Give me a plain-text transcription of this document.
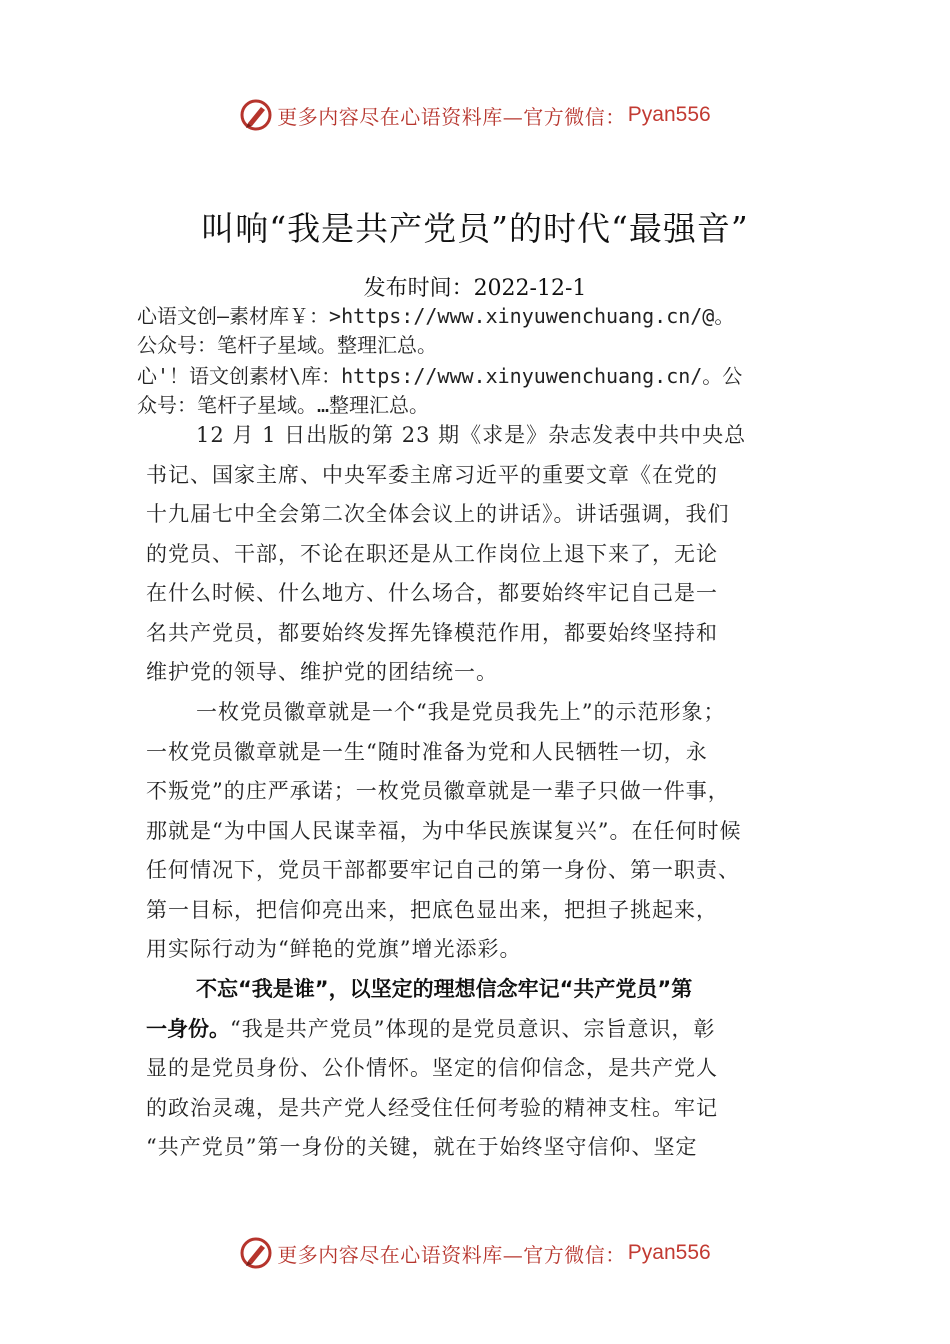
更多内容尽在心语资料库—官方微信： Pyan556
叫响“我是共产党员”的时代“最强音”
发布时间：2022-12-1
心语文创—素材库￥：>https://www.xinyuwenchuang.cn/@。
公众号：笔杆子星域。整理汇总。
心'！语文创素材\库：https://www.xinyuwenchuang.cn/。公
众号：笔杆子星域。…整理汇总。
12 月 1 日出版的第 23 期《求是》杂志发表中共中央总
书记、国家主席、中央军委主席习近平的重要文章《在党的
十九届七中全会第二次全体会议上的讲话》。讲话强调，我们
的党员、干部，不论在职还是从工作岗位上退下来了，无论
在什么时候、什么地方、什么场合，都要始终牢记自己是一
名共产党员，都要始终发挥先锋模范作用，都要始终坚持和
维护党的领导、维护党的团结统一。
一枚党员徽章就是一个“我是党员我先上”的示范形象；
一枚党员徽章就是一生“随时准备为党和人民牺牲一切，永
不叛党”的庄严承诺；一枚党员徽章就是一辈子只做一件事，
那就是“为中国人民谋幸福，为中华民族谋复兴”。在任何时候
任何情况下，党员干部都要牢记自己的第一身份、第一职责、
第一目标，把信仰亮出来，把底色显出来，把担子挑起来，
用实际行动为“鲜艳的党旗”增光添彩。
不忘“我是谁”，以坚定的理想信念牢记“共产党员”第
一身份。“我是共产党员”体现的是党员意识、宗旨意识，彰
显的是党员身份、公仆情怀。坚定的信仰信念，是共产党人
的政治灵魂，是共产党人经受住任何考验的精神支柱。牢记
“共产党员”第一身份的关键，就在于始终坚守信仰、坚定
更多内容尽在心语资料库—官方微信： Pyan556
